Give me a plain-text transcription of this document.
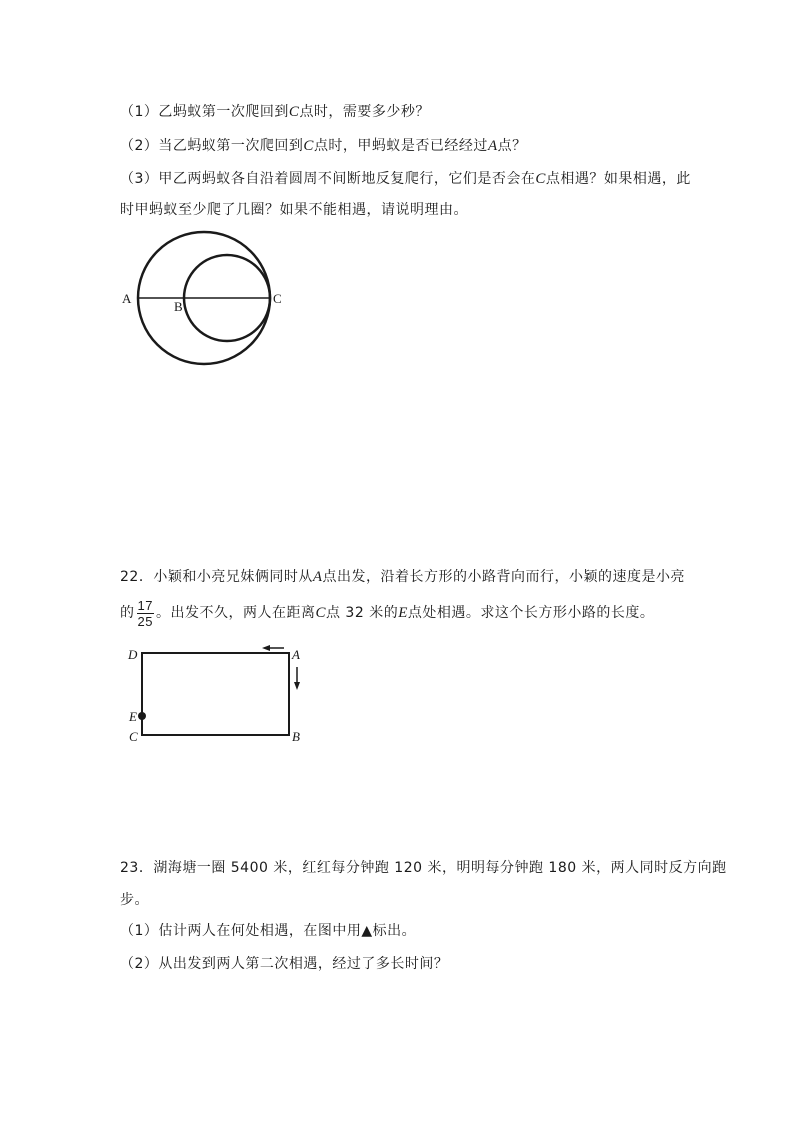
（1）乙蚂蚁第一次爬回到C点时，需要多少秒？
（2）当乙蚂蚁第一次爬回到C点时，甲蚂蚁是否已经经过A点？
（3）甲乙两蚂蚁各自沿着圆周不间断地反复爬行，它们是否会在C点相遇？如果相遇，此
时甲蚂蚁至少爬了几圈？如果不能相遇，请说明理由。
A
B
C
22．小颖和小亮兄妹俩同时从A点出发，沿着长方形的小路背向而行，小颖的速度是小亮
的 $\frac{17}{25}$ 。出发不久，两人在距离C点 32 米的E点处相遇。求这个长方形小路的长度。
D	A
E
C	B
23．湖海塘一圈 5400 米，红红每分钟跑 120 米，明明每分钟跑 180 米，两人同时反方向跑
步。
（1）估计两人在何处相遇，在图中用▲标出。
（2）从出发到两人第二次相遇，经过了多长时间？
